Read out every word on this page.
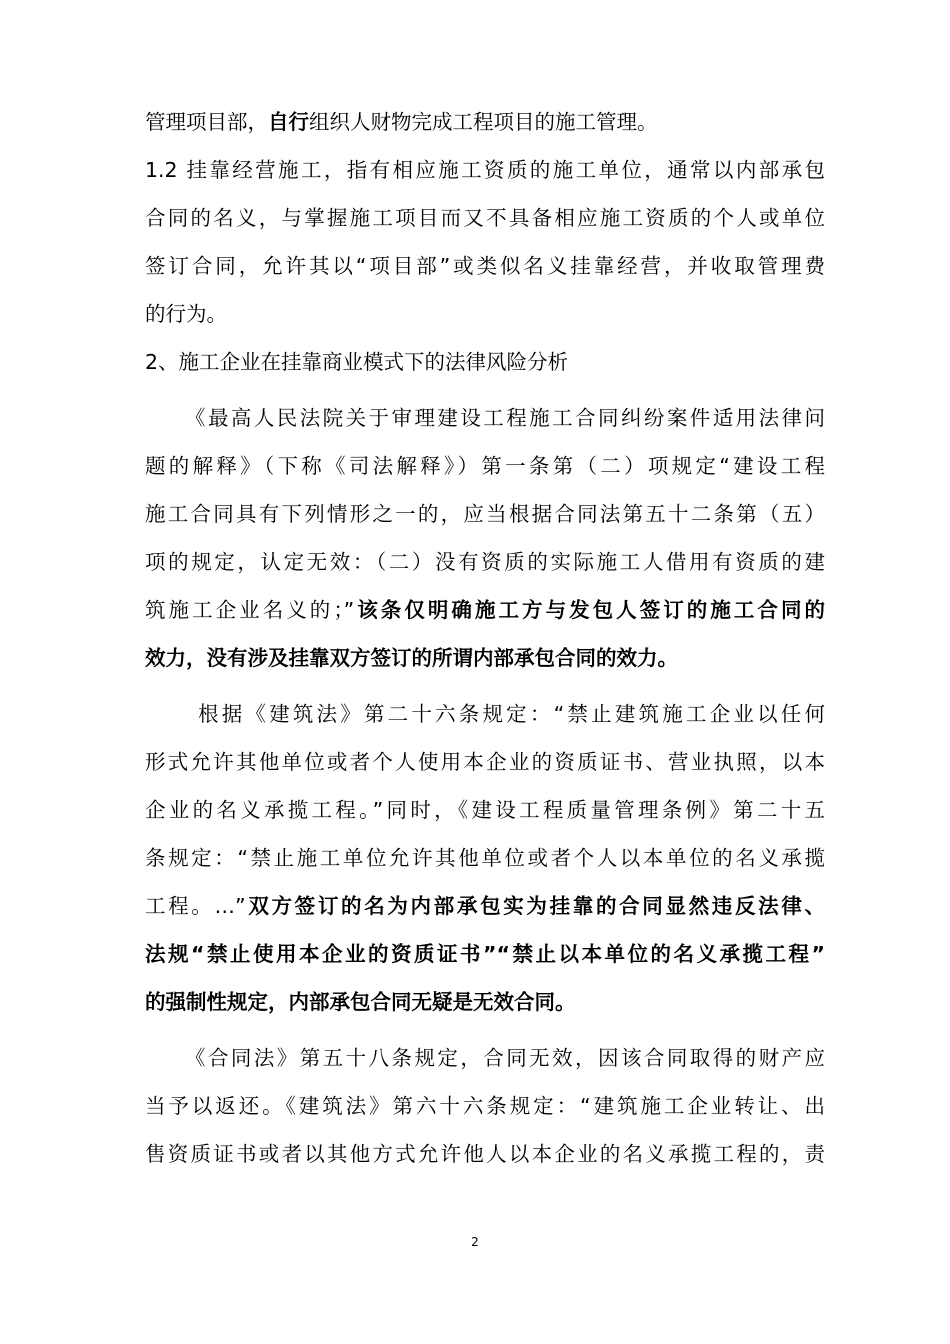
管理项目部，自行组织人财物完成工程项目的施工管理。
1.2 挂靠经营施工，指有相应施工资质的施工单位，通常以内部承包
合同的名义，与掌握施工项目而又不具备相应施工资质的个人或单位
签订合同，允许其以“项目部”或类似名义挂靠经营，并收取管理费
的行为。
2、施工企业在挂靠商业模式下的法律风险分析
《最高人民法院关于审理建设工程施工合同纠纷案件适用法律问
题的解释》（下称《司法解释》）第一条第（二）项规定“建设工程
施工合同具有下列情形之一的，应当根据合同法第五十二条第（五）
项的规定，认定无效：（二）没有资质的实际施工人借用有资质的建
筑施工企业名义的；”该条仅明确施工方与发包人签订的施工合同的
效力，没有涉及挂靠双方签订的所谓内部承包合同的效力。
根据《建筑法》第二十六条规定：“禁止建筑施工企业以任何
形式允许其他单位或者个人使用本企业的资质证书、营业执照，以本
企业的名义承揽工程。”同时，《建设工程质量管理条例》第二十五
条规定：“禁止施工单位允许其他单位或者个人以本单位的名义承揽
工程。…”双方签订的名为内部承包实为挂靠的合同显然违反法律、
法规“禁止使用本企业的资质证书”“禁止以本单位的名义承揽工程”
的强制性规定，内部承包合同无疑是无效合同。
《合同法》第五十八条规定，合同无效，因该合同取得的财产应
当予以返还。《建筑法》第六十六条规定：“建筑施工企业转让、出
售资质证书或者以其他方式允许他人以本企业的名义承揽工程的，责
2
